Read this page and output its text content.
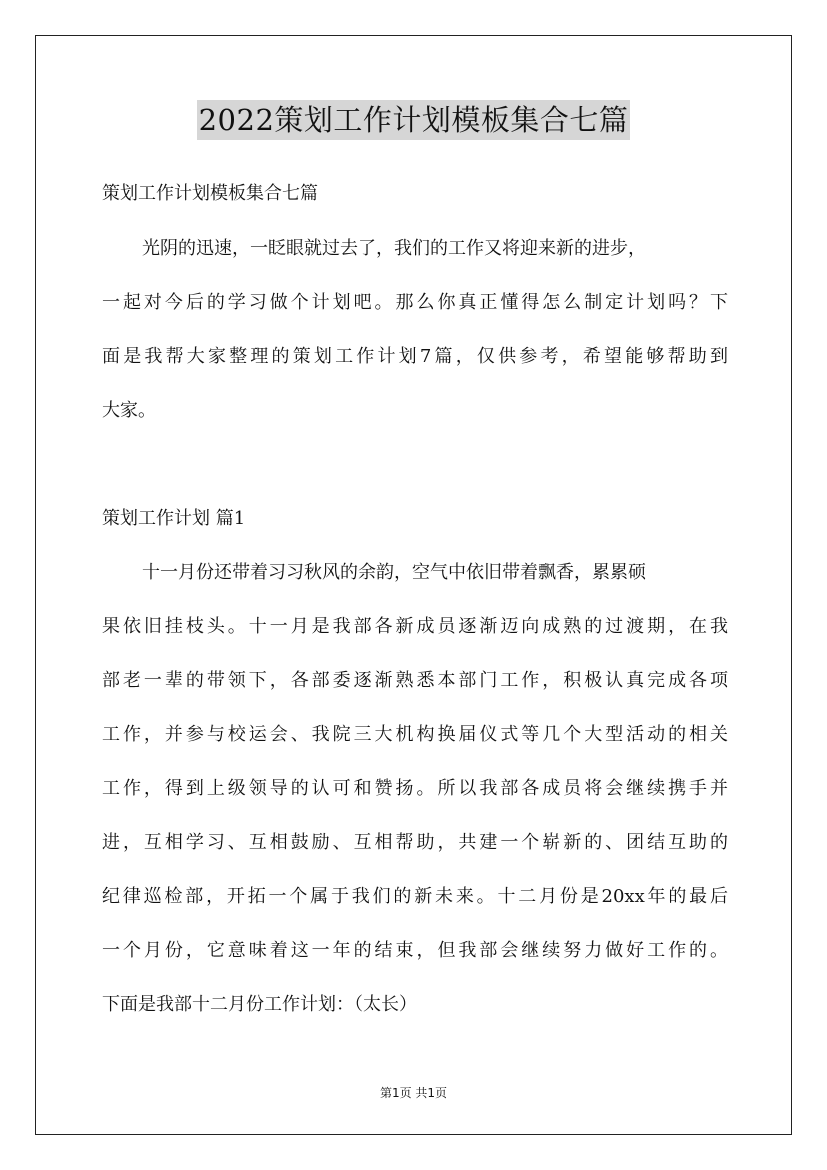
2022策划工作计划模板集合七篇
策划工作计划模板集合七篇
光阴的迅速，一眨眼就过去了，我们的工作又将迎来新的进步，
一起对今后的学习做个计划吧。那么你真正懂得怎么制定计划吗？下
面是我帮大家整理的策划工作计划7篇，仅供参考，希望能够帮助到
大家。
策划工作计划 篇1
十一月份还带着习习秋风的余韵，空气中依旧带着飘香，累累硕
果依旧挂枝头。十一月是我部各新成员逐渐迈向成熟的过渡期，在我
部老一辈的带领下，各部委逐渐熟悉本部门工作，积极认真完成各项
工作，并参与校运会、我院三大机构换届仪式等几个大型活动的相关
工作，得到上级领导的认可和赞扬。所以我部各成员将会继续携手并
进，互相学习、互相鼓励、互相帮助，共建一个崭新的、团结互助的
纪律巡检部，开拓一个属于我们的新未来。十二月份是20xx年的最后
一个月份，它意味着这一年的结束，但我部会继续努力做好工作的。
下面是我部十二月份工作计划：（太长）
第1页 共1页
